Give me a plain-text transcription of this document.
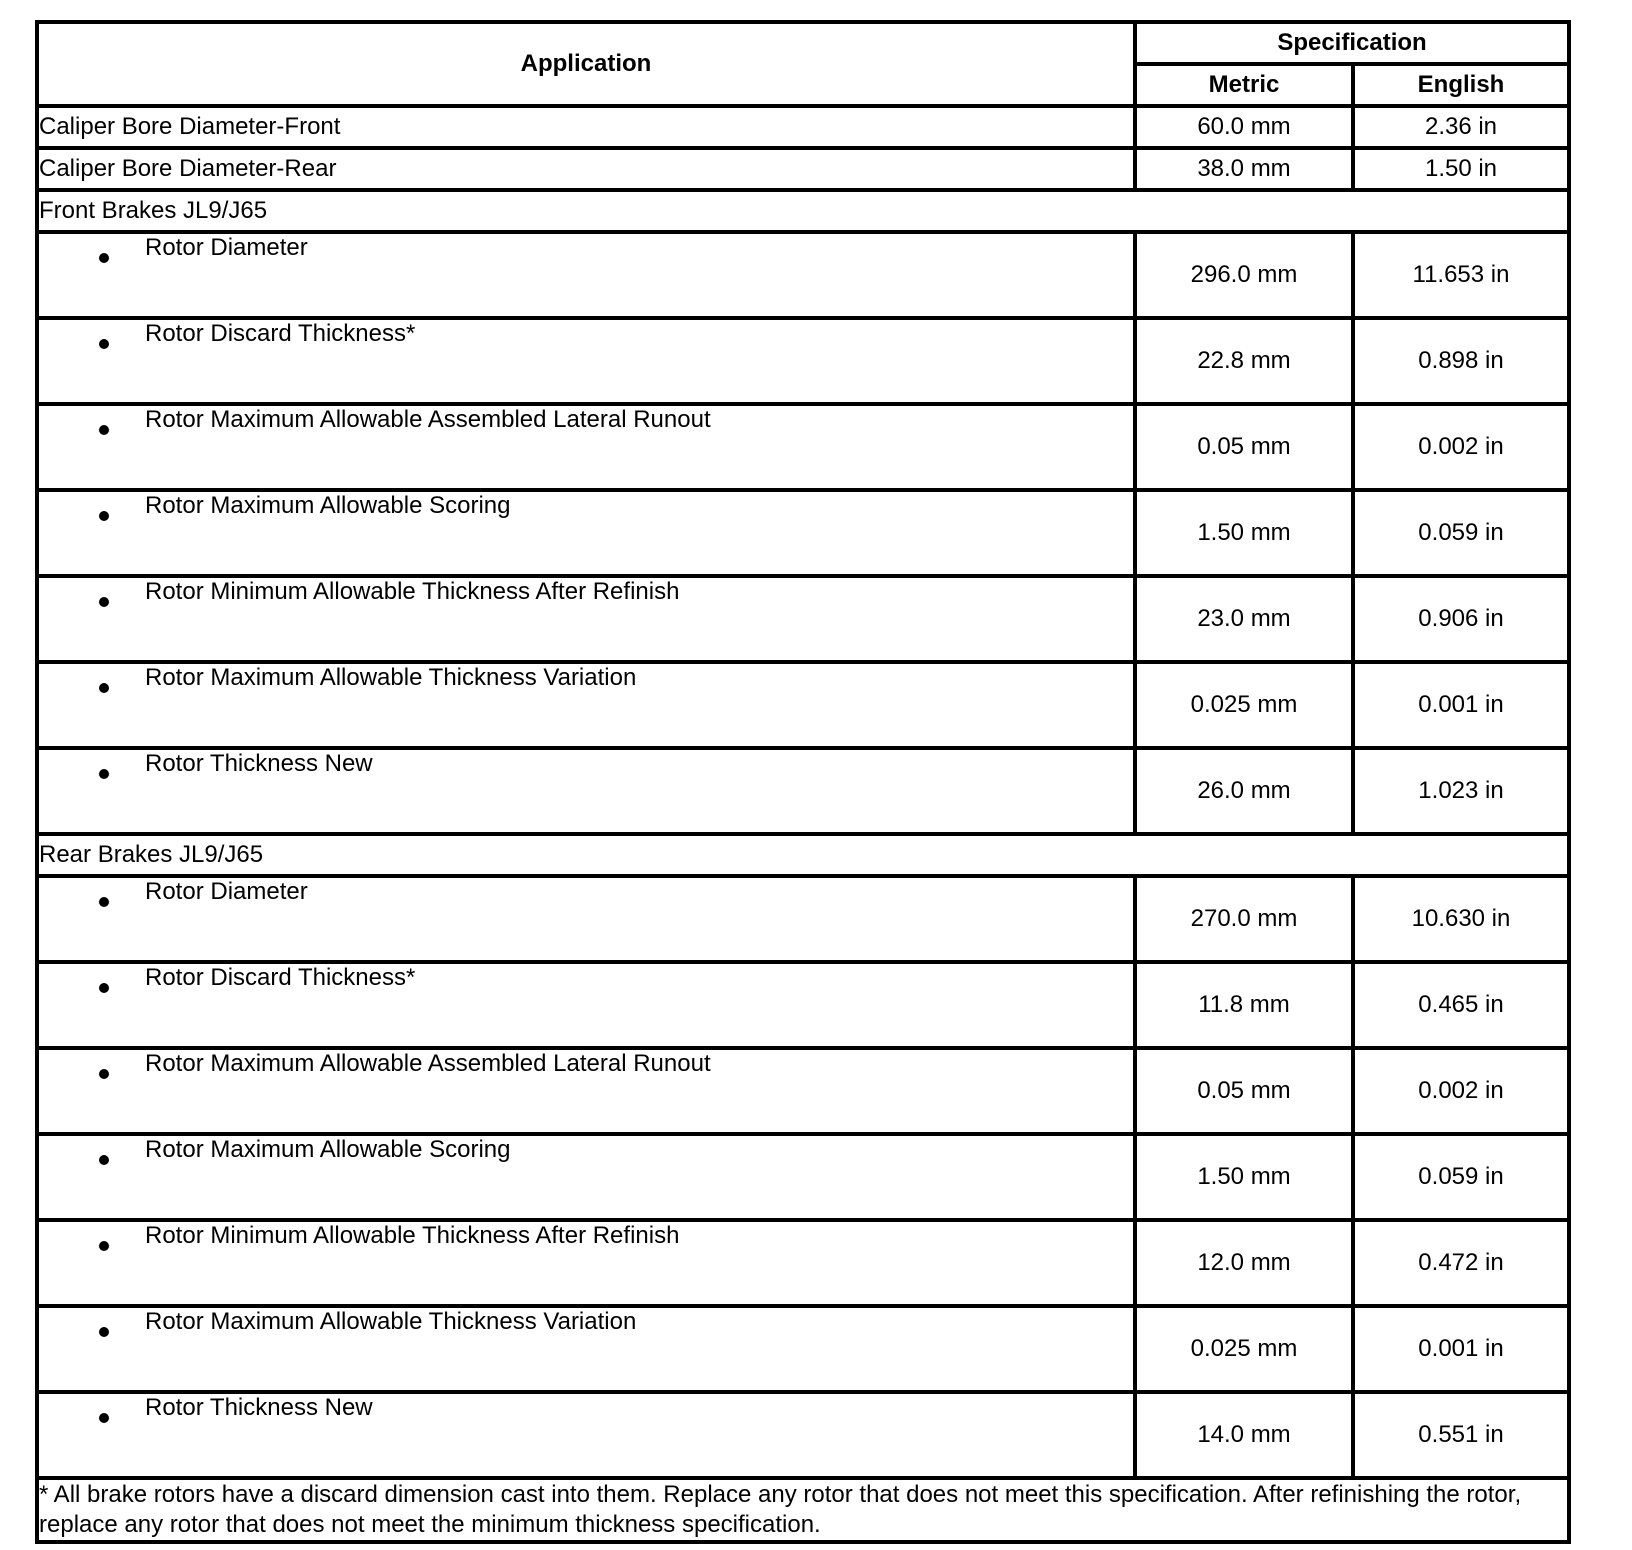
Application	Specification	
	Metric	English
Caliper Bore Diameter-Front	60.0 mm	2.36 in
Caliper Bore Diameter-Rear	38.0 mm	1.50 in
Front Brakes JL9/J65		

Rotor Diameter	296.0 mm	11.653 in

Rotor Discard Thickness*	22.8 mm	0.898 in

Rotor Maximum Allowable Assembled Lateral Runout	0.05 mm	0.002 in

Rotor Maximum Allowable Scoring	1.50 mm	0.059 in

Rotor Minimum Allowable Thickness After Refinish	23.0 mm	0.906 in

Rotor Maximum Allowable Thickness Variation	0.025 mm	0.001 in

Rotor Thickness New	26.0 mm	1.023 in
Rear Brakes JL9/J65		

Rotor Diameter	270.0 mm	10.630 in

Rotor Discard Thickness*	11.8 mm	0.465 in

Rotor Maximum Allowable Assembled Lateral Runout	0.05 mm	0.002 in

Rotor Maximum Allowable Scoring	1.50 mm	0.059 in

Rotor Minimum Allowable Thickness After Refinish	12.0 mm	0.472 in

Rotor Maximum Allowable Thickness Variation	0.025 mm	0.001 in

Rotor Thickness New	14.0 mm	0.551 in
* All brake rotors have a discard dimension cast into them. Replace any rotor that does not meet this specification. After refinishing the rotor, replace any rotor that does not meet the minimum thickness specification.		
